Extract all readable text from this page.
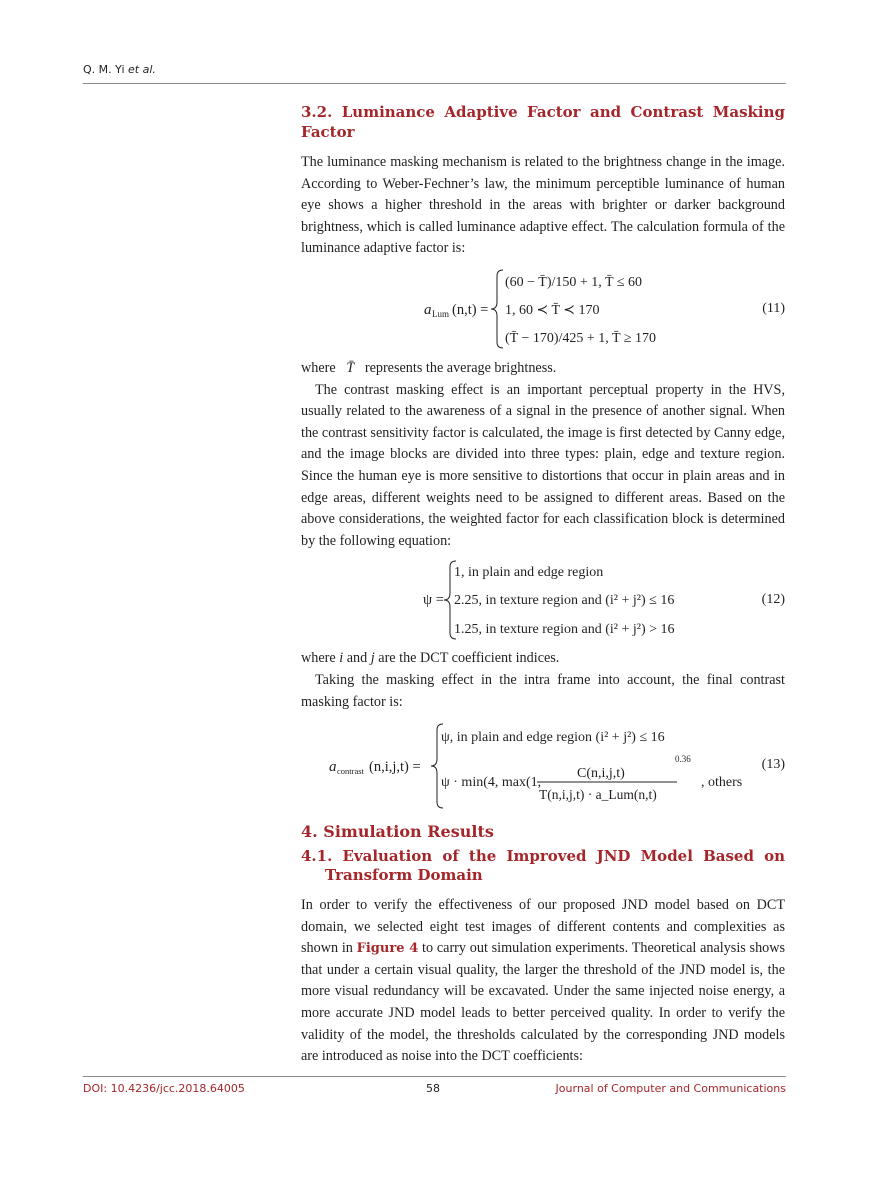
Q. M. Yi et al.
3.2. Luminance Adaptive Factor and Contrast Masking Factor

The luminance masking mechanism is related to the brightness change in the image. According to Weber-Fechner’s law, the minimum perceptible luminance of human eye shows a higher threshold in the areas with brighter or darker background brightness, which is called luminance adaptive effect. The calculation formula of the luminance adaptive factor is:

a Lum (n,t) =
(60 − T̄)/150 + 1, T̄ ≤ 60
1, 60 ≺ T̄ ≺ 170
(T̄ − 170)/425 + 1, T̄ ≥ 170
(11)

where T̄ represents the average brightness.

The contrast masking effect is an important perceptual property in the HVS, usually related to the awareness of a signal in the presence of another signal. When the contrast sensitivity factor is calculated, the image is first detected by Canny edge, and the image blocks are divided into three types: plain, edge and texture region. Since the human eye is more sensitive to distortions that occur in plain areas and in edge areas, different weights need to be assigned to different areas. Based on the above considerations, the weighted factor for each classification block is determined by the following equation:

ψ =
1, in plain and edge region
2.25, in texture region and (i² + j²) ≤ 16
1.25, in texture region and (i² + j²) > 16
(12)

where i and j are the DCT coefficient indices.

Taking the masking effect in the intra frame into account, the final contrast masking factor is:

a contrast (n,i,j,t) =
ψ, in plain and edge region (i² + j²) ≤ 16
ψ · min(4, max(1,
C(n,i,j,t)
T(n,i,j,t) · a_Lum(n,t)
0.36
, others
(13)
4. Simulation Results
4.1. Evaluation of the Improved JND Model Based on Transform Domain

In order to verify the effectiveness of our proposed JND model based on DCT domain, we selected eight test images of different contents and complexities as shown in Figure 4 to carry out simulation experiments. Theoretical analysis shows that under a certain visual quality, the larger the threshold of the JND model is, the more visual redundancy will be excavated. Under the same injected noise energy, a more accurate JND model leads to better perceived quality. In order to verify the validity of the model, the thresholds calculated by the corresponding JND models are introduced as noise into the DCT coefficients:

DOI: 10.4236/jcc.2018.64005	58	Journal of Computer and Communications
